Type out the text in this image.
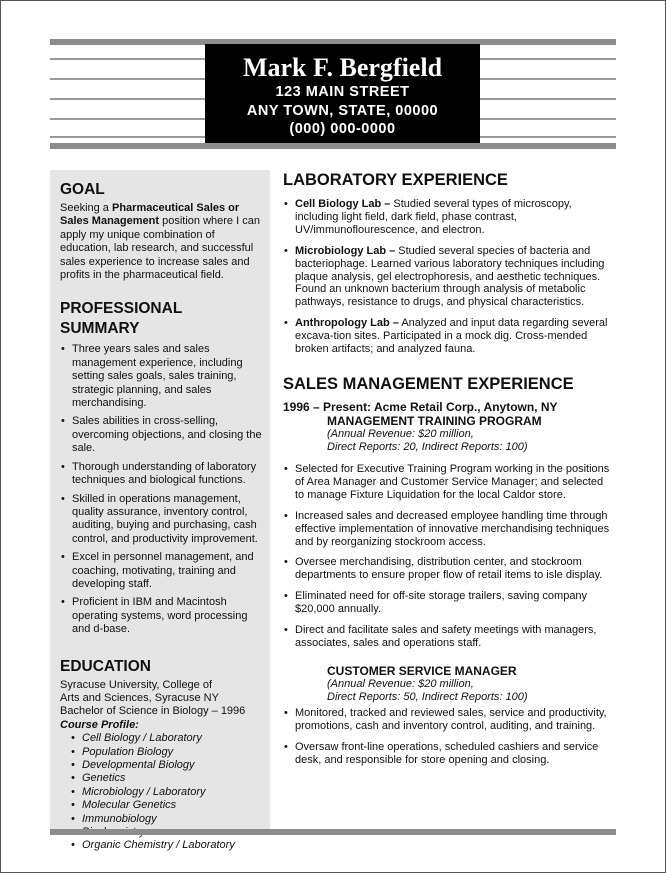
Mark F. Bergfield
123 MAIN STREET
ANY TOWN, STATE, 00000
(000) 000-0000
GOAL

Seeking a Pharmaceutical Sales or Sales Management position where I can apply my unique combination of education, lab research, and successful sales experience to increase sales and profits in the pharmaceutical field.

PROFESSIONAL SUMMARY
• Three years sales and sales management experience, including setting sales goals, sales training, strategic planning, and sales merchandising.
• Sales abilities in cross-selling, overcoming objections, and closing the sale.
• Thorough understanding of laboratory techniques and biological functions.
• Skilled in operations management, quality assurance, inventory control, auditing, buying and purchasing, cash control, and productivity improvement.
• Excel in personnel management, and coaching, motivating, training and developing staff.
• Proficient in IBM and Macintosh operating systems, word processing and d-base.
EDUCATION

Syracuse University, College of

Arts and Sciences, Syracuse NY

Bachelor of Science in Biology – 1996

Course Profile:

• Cell Biology / Laboratory
• Population Biology
• Developmental Biology
• Genetics
• Microbiology / Laboratory
• Molecular Genetics
• Immunobiology
•
• Organic Chemistry / Laboratory
LABORATORY EXPERIENCE
• Cell Biology Lab – Studied several types of microscopy, including light field, dark field, phase contrast, UV/immunoflourescence, and electron.
• Microbiology Lab – Studied several species of bacteria and bacteriophage. Learned various laboratory techniques including plaque analysis, gel electrophoresis, and aesthetic techniques. Found an unknown bacterium through analysis of metabolic pathways, resistance to drugs, and physical characteristics.
• Anthropology Lab – Analyzed and input data regarding several excava-tion sites. Participated in a mock dig. Cross-mended broken artifacts; and analyzed fauna.
SALES MANAGEMENT EXPERIENCE
1996 – Present: Acme Retail Corp., Anytown, NY
MANAGEMENT TRAINING PROGRAM
(Annual Revenue: $20 million,
Direct Reports: 20, Indirect Reports: 100)
• Selected for Executive Training Program working in the positions of Area Manager and Customer Service Manager; and selected to manage Fixture Liquidation for the local Caldor store.
• Increased sales and decreased employee handling time through effective implementation of innovative merchandising techniques and by reorganizing stockroom access.
• Oversee merchandising, distribution center, and stockroom departments to ensure proper flow of retail items to isle display.
• Eliminated need for off-site storage trailers, saving company $20,000 annually.
• Direct and facilitate sales and safety meetings with managers, associates, sales and operations staff.
CUSTOMER SERVICE MANAGER
(Annual Revenue: $20 million,
Direct Reports: 50, Indirect Reports: 100)
• Monitored, tracked and reviewed sales, service and productivity, promotions, cash and inventory control, auditing, and training.
• Oversaw front-line operations, scheduled cashiers and service desk, and responsible for store opening and closing.
